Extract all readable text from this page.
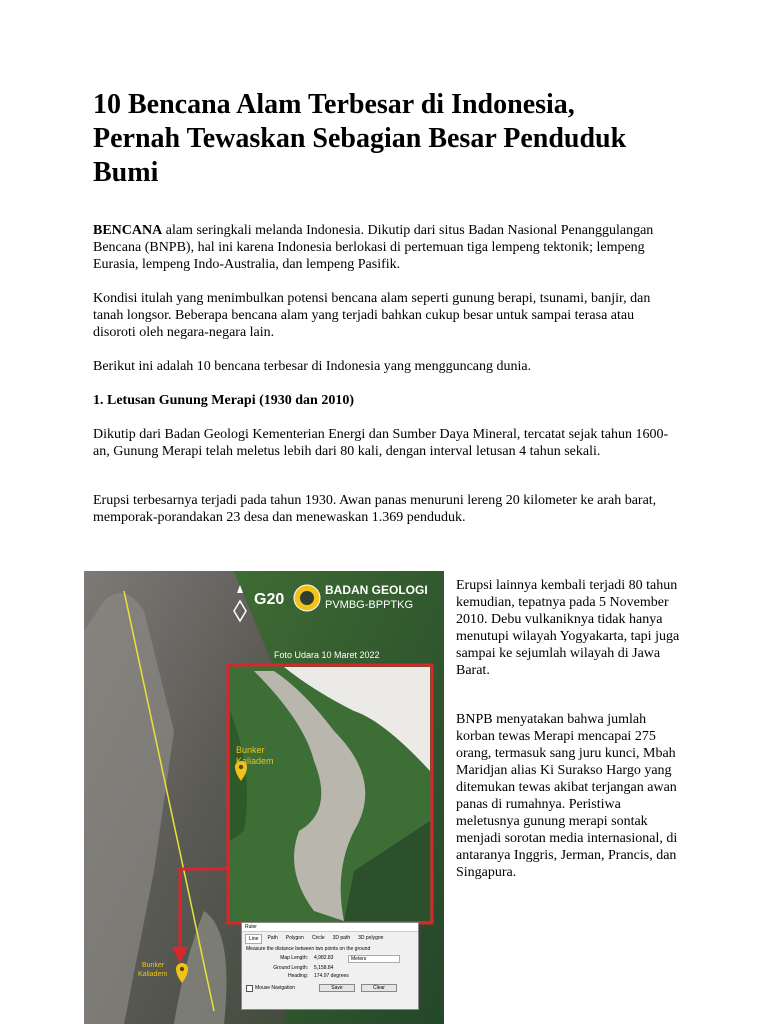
10 Bencana Alam Terbesar di Indonesia, Pernah Tewaskan Sebagian Besar Penduduk Bumi

BENCANA alam seringkali melanda Indonesia. Dikutip dari situs Badan Nasional Penanggulangan Bencana (BNPB), hal ini karena Indonesia berlokasi di pertemuan tiga lempeng tektonik; lempeng Eurasia, lempeng Indo-Australia, dan lempeng Pasifik.

Kondisi itulah yang menimbulkan potensi bencana alam seperti gunung berapi, tsunami, banjir, dan tanah longsor. Beberapa bencana alam yang terjadi bahkan cukup besar untuk sampai terasa atau disoroti oleh negara-negara lain.

Berikut ini adalah 10 bencana terbesar di Indonesia yang mengguncang dunia.

1. Letusan Gunung Merapi (1930 dan 2010)

Dikutip dari Badan Geologi Kementerian Energi dan Sumber Daya Mineral, tercatat sejak tahun 1600-an, Gunung Merapi telah meletus lebih dari 80 kali, dengan interval letusan 4 tahun sekali.

Erupsi terbesarnya terjadi pada tahun 1930. Awan panas menuruni lereng 20 kilometer ke arah barat, memporak-porandakan 23 desa dan menewaskan 1.369 penduduk.

G20
BADAN GEOLOGI
PVMBG-BPPTKG
Foto Udara 10 Maret 2022
Bunker
Kaliadem
Bunker
Kaliadem
Ruler
Line	Path	Polygon	Circle	3D path	3D polygon
Measure the distance between two points on the ground
Map Length:	4,982.83	Meters
Ground Length:	5,158.84
Heading:	174.97 degrees
Mouse Navigation	Save	Clear

Erupsi lainnya kembali terjadi 80 tahun kemudian, tepatnya pada 5 November 2010. Debu vulkaniknya tidak hanya menutupi wilayah Yogyakarta, tapi juga sampai ke sejumlah wilayah di Jawa Barat.

BNPB menyatakan bahwa jumlah korban tewas Merapi mencapai 275 orang, termasuk sang juru kunci, Mbah Maridjan alias Ki Surakso Hargo yang ditemukan tewas akibat terjangan awan panas di rumahnya. Peristiwa meletusnya gunung merapi sontak menjadi sorotan media internasional, di antaranya Inggris, Jerman, Prancis, dan Singapura.
